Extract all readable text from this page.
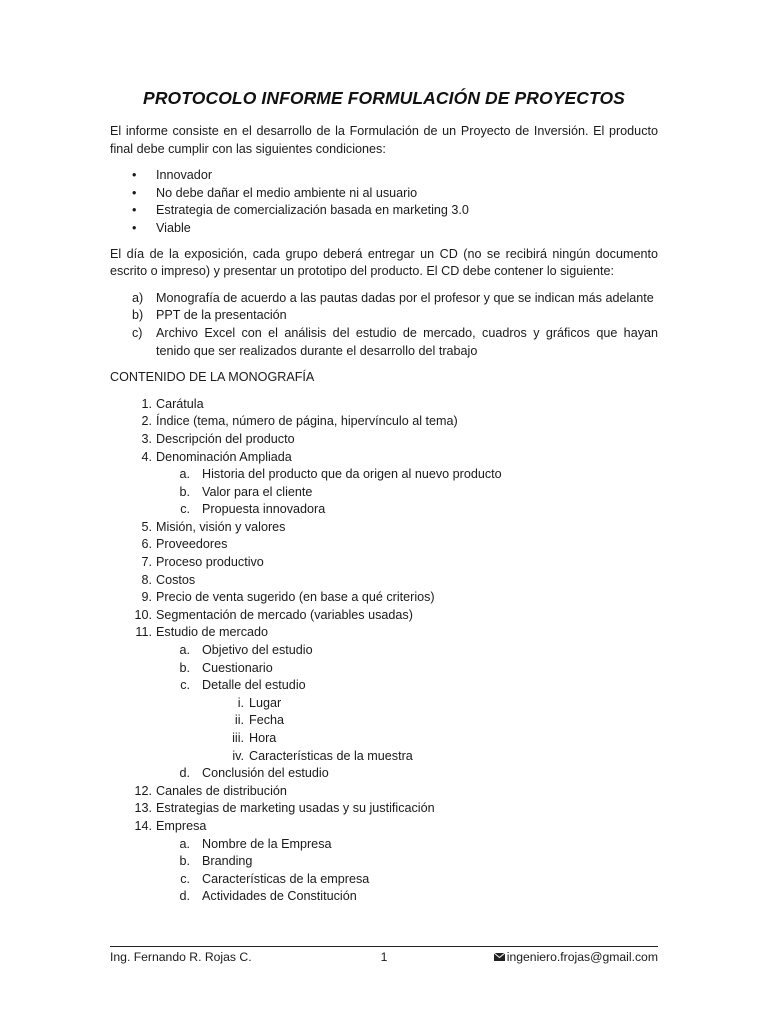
PROTOCOLO INFORME FORMULACIÓN DE PROYECTOS

El informe consiste en el desarrollo de la Formulación de un Proyecto de Inversión. El producto final debe cumplir con las siguientes condiciones:

• Innovador
• No debe dañar el medio ambiente ni al usuario
• Estrategia de comercialización basada en marketing 3.0
• Viable

El día de la exposición, cada grupo deberá entregar un CD (no se recibirá ningún documento escrito o impreso) y presentar un prototipo del producto. El CD debe contener lo siguiente:

a) Monografía de acuerdo a las pautas dadas por el profesor y que se indican más adelante
b) PPT de la presentación
c) Archivo Excel con el análisis del estudio de mercado, cuadros y gráficos que hayan tenido que ser realizados durante el desarrollo del trabajo
CONTENIDO DE LA MONOGRAFÍA
1. Carátula
2. Índice (tema, número de página, hipervínculo al tema)
3. Descripción del producto
4. Denominación Ampliada
a. Historia del producto que da origen al nuevo producto
b. Valor para el cliente
c. Propuesta innovadora
5. Misión, visión y valores
6. Proveedores
7. Proceso productivo
8. Costos
9. Precio de venta sugerido (en base a qué criterios)
10. Segmentación de mercado (variables usadas)
11. Estudio de mercado
a. Objetivo del estudio
b. Cuestionario
c. Detalle del estudio
i. Lugar
ii. Fecha
iii. Hora
iv. Características de la muestra
d. Conclusión del estudio
12. Canales de distribución
13. Estrategias de marketing usadas y su justificación
14. Empresa
a. Nombre de la Empresa
b. Branding
c. Características de la empresa
d. Actividades de Constitución
Ing. Fernando R. Rojas C.	1	ingeniero.frojas@gmail.com
